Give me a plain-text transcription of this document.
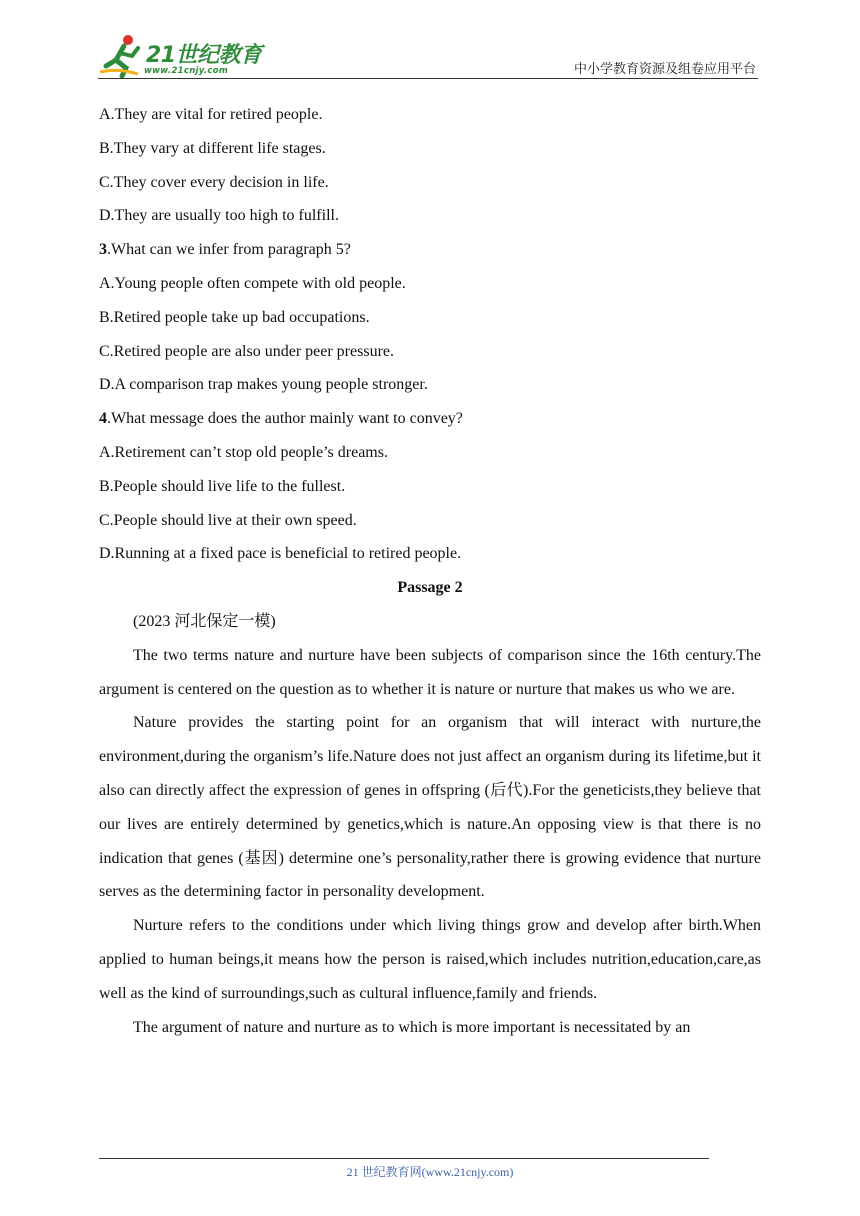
21世纪教育
www.21cnjy.com	中小学教育资源及组卷应用平台
A.They are vital for retired people.
B.They vary at different life stages.
C.They cover every decision in life.
D.They are usually too high to fulfill.
3.What can we infer from paragraph 5?
A.Young people often compete with old people.
B.Retired people take up bad occupations.
C.Retired people are also under peer pressure.
D.A comparison trap makes young people stronger.
4.What message does the author mainly want to convey?
A.Retirement can’t stop old people’s dreams.
B.People should live life to the fullest.
C.People should live at their own speed.
D.Running at a fixed pace is beneficial to retired people.
Passage 2
(2023 河北保定一模)

The two terms nature and nurture have been subjects of comparison since the 16th century.The argument is centered on the question as to whether it is nature or nurture that makes us who we are.

Nature provides the starting point for an organism that will interact with nurture,the environment,during the organism’s life.Nature does not just affect an organism during its lifetime,but it also can directly affect the expression of genes in offspring (后代).For the geneticists,they believe that our lives are entirely determined by genetics,which is nature.An opposing view is that there is no indication that genes (基因) determine one’s personality,rather there is growing evidence that nurture serves as the determining factor in personality development.

Nurture refers to the conditions under which living things grow and develop after birth.When applied to human beings,it means how the person is raised,which includes nutrition,education,care,as well as the kind of surroundings,such as cultural influence,family and friends.

The argument of nature and nurture as to which is more important is necessitated by an

21 世纪教育网(www.21cnjy.com)
